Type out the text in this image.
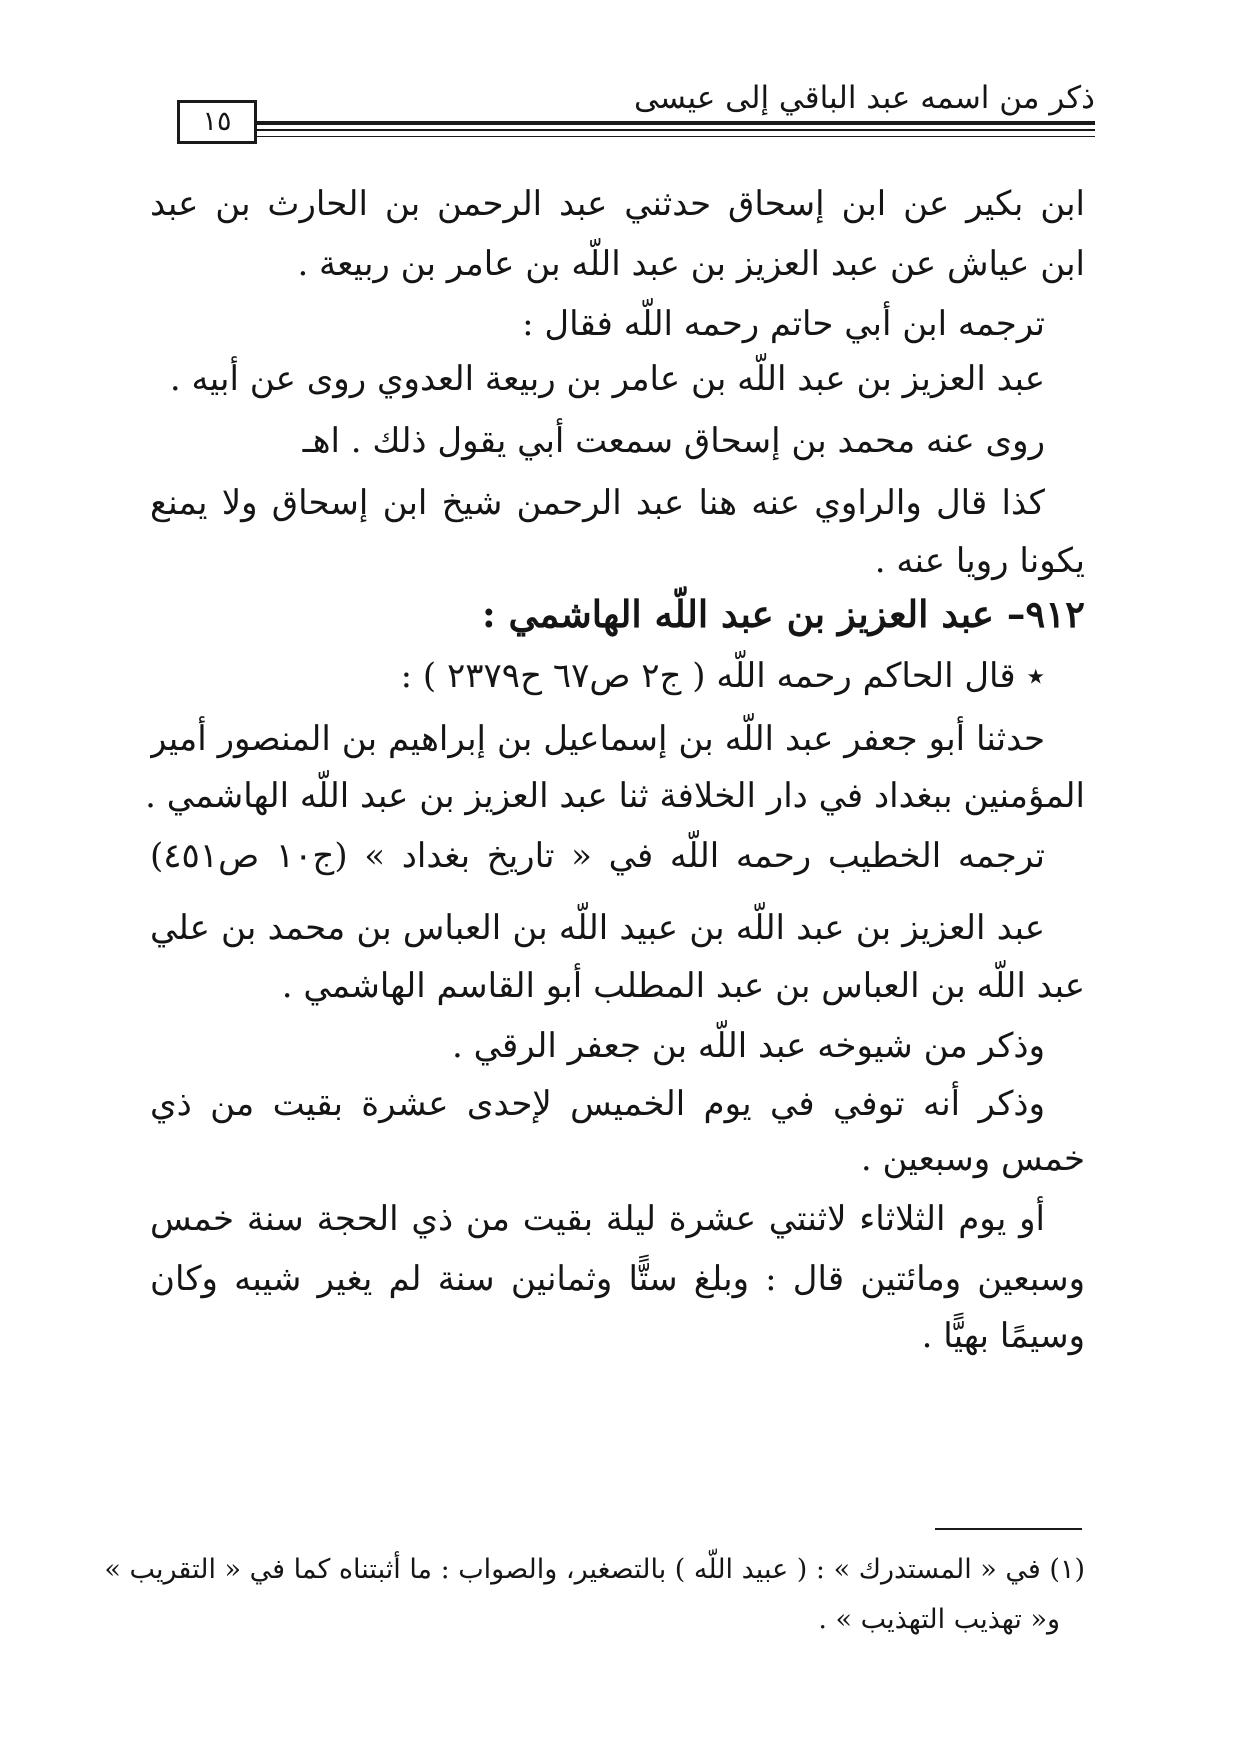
ذكر من اسمه عبد الباقي إلى عيسى
١٥
ابن بكير عن ابن إسحاق حدثني عبد الرحمن بن الحارث بن عبد
ابن عياش عن عبد العزيز بن عبد اللّه بن عامر بن ربيعة .
ترجمه ابن أبي حاتم رحمه اللّه فقال :
عبد العزيز بن عبد اللّه بن عامر بن ربيعة العدوي روى عن أبيه .
روى عنه محمد بن إسحاق سمعت أبي يقول ذلك . اهـ
كذا قال والراوي عنه هنا عبد الرحمن شيخ ابن إسحاق ولا يمنع
يكونا رويا عنه .
٩١٢– عبد العزيز بن عبد اللّه الهاشمي :
٭ قال الحاكم رحمه اللّه ( ج٢ ص٦٧ ح٢٣٧٩ ) :
حدثنا أبو جعفر عبد اللّه بن إسماعيل بن إبراهيم بن المنصور أمير
المؤمنين ببغداد في دار الخلافة ثنا عبد العزيز بن عبد اللّه الهاشمي .
ترجمه الخطيب رحمه اللّه في « تاريخ بغداد » (ج١٠ ص٤٥١)
عبد العزيز بن عبد اللّه بن عبيد اللّه بن العباس بن محمد بن علي
عبد اللّه بن العباس بن عبد المطلب أبو القاسم الهاشمي .
وذكر من شيوخه عبد اللّه بن جعفر الرقي .
وذكر أنه توفي في يوم الخميس لإحدى عشرة بقيت من ذي
خمس وسبعين .
أو يوم الثلاثاء لاثنتي عشرة ليلة بقيت من ذي الحجة سنة خمس
وسبعين ومائتين قال : وبلغ ستًّا وثمانين سنة لم يغير شيبه وكان
وسيمًا بهيًّا .
(١) في « المستدرك » : ( عبيد اللّه ) بالتصغير، والصواب : ما أثبتناه كما في « التقريب »
و« تهذيب التهذيب » .
